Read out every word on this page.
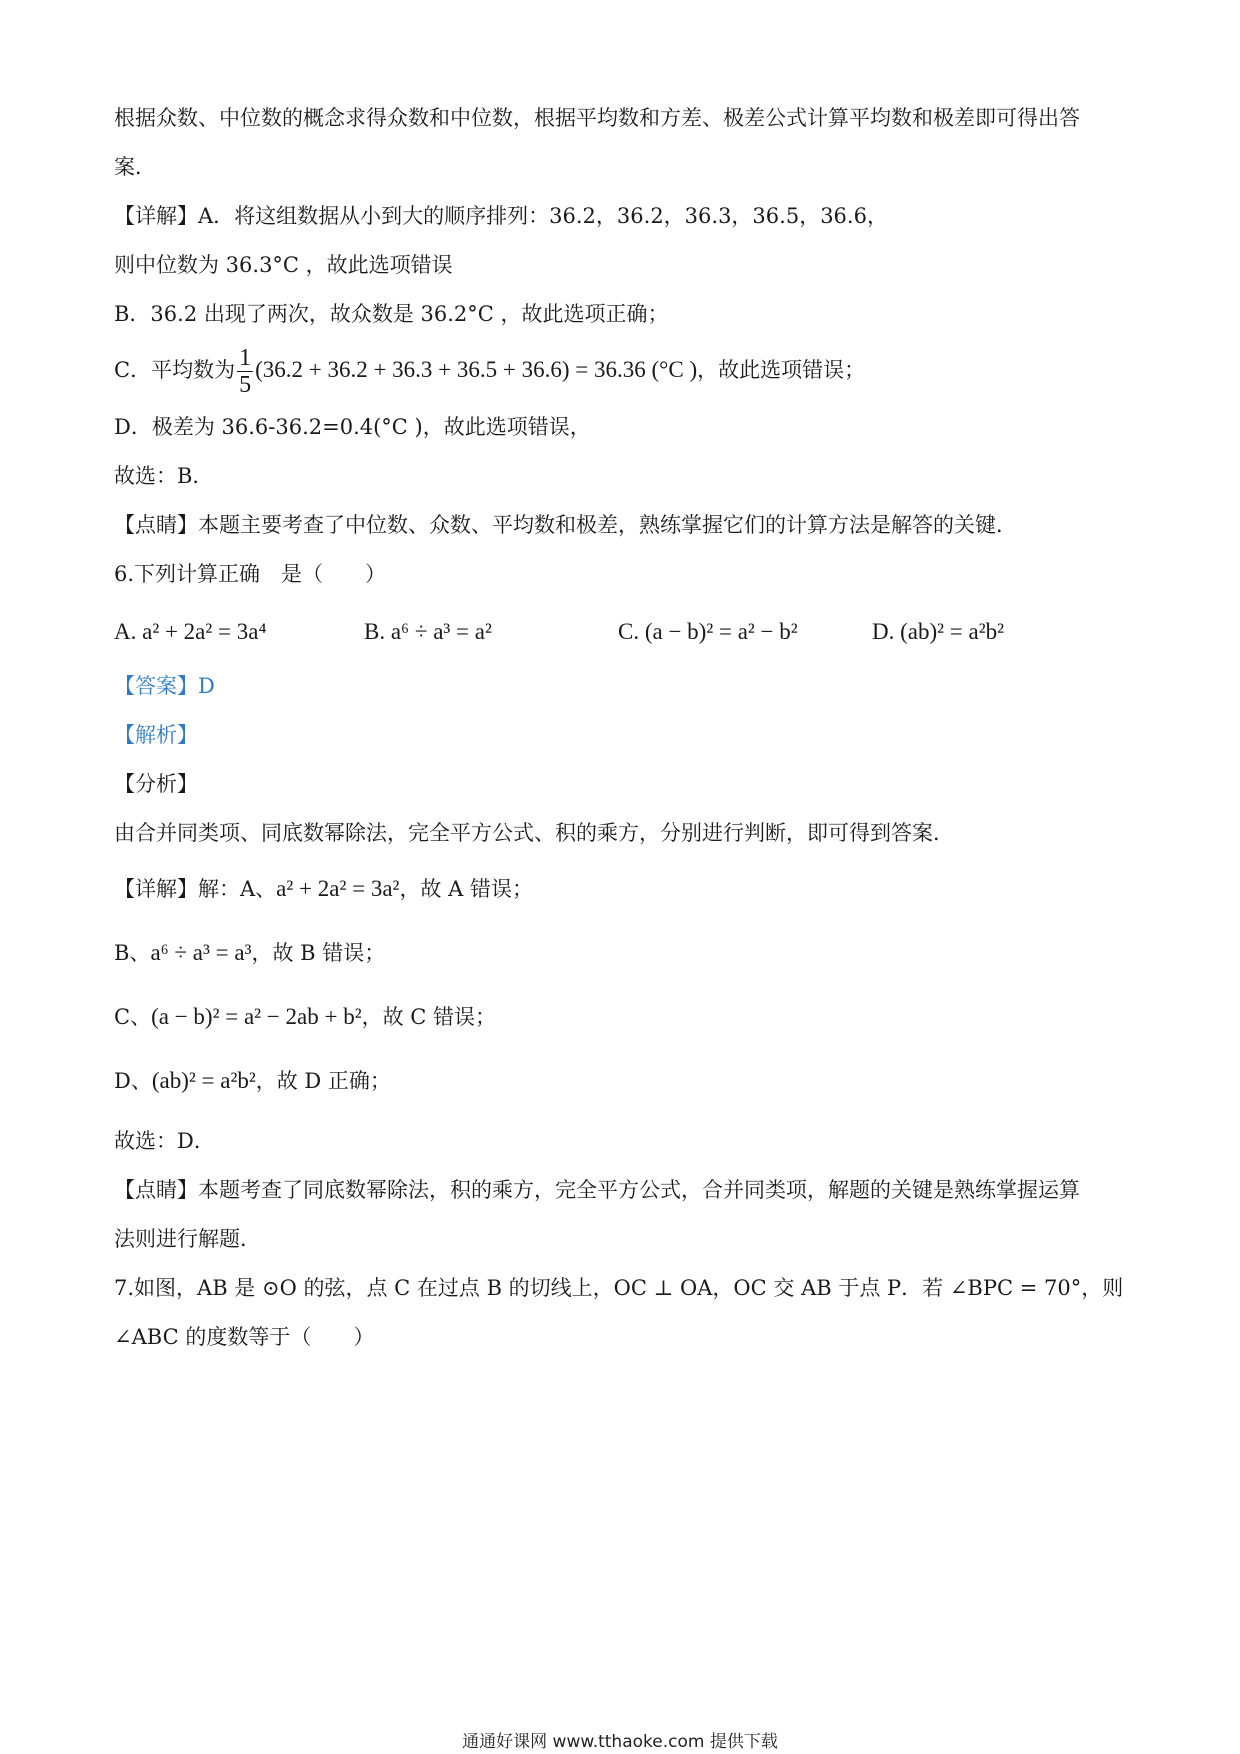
根据众数、中位数的概念求得众数和中位数，根据平均数和方差、极差公式计算平均数和极差即可得出答
案．
【详解】A．将这组数据从小到大的顺序排列：36.2，36.2，36.3，36.5，36.6，
则中位数为 36.3°C ，故此选项错误
B．36.2 出现了两次，故众数是 36.2°C ，故此选项正确；
C．平均数为 $\frac{1}{5} (36.2 + 36.2 + 36.3 + 36.5 + 36.6) = 36.36$ (°C )，故此选项错误；
D．极差为 36.6-36.2=0.4(°C )，故此选项错误，
故选：B．
【点睛】本题主要考查了中位数、众数、平均数和极差，熟练掌握它们的计算方法是解答的关键．
6.下列计算正确　是（　　）
A. a² + 2a² = 3a⁴	B. a⁶ ÷ a³ = a²	C. (a − b)² = a² − b²	D. (ab)² = a²b²
【答案】D
【解析】
【分析】
由合并同类项、同底数幂除法，完全平方公式、积的乘方，分别进行判断，即可得到答案．
【详解】解：A、a² + 2a² = 3a²，故 A 错误；
B、a⁶ ÷ a³ = a³，故 B 错误；
C、(a − b)² = a² − 2ab + b²，故 C 错误；
D、(ab)² = a²b²，故 D 正确；
故选：D．
【点睛】本题考查了同底数幂除法，积的乘方，完全平方公式，合并同类项，解题的关键是熟练掌握运算
法则进行解题．
7.如图，AB 是 ⊙O 的弦，点 C 在过点 B 的切线上，OC ⊥ OA，OC 交 AB 于点 P．若 ∠BPC = 70°，则
∠ABC 的度数等于（　　）
通通好课网 www.tthaoke.com 提供下载
